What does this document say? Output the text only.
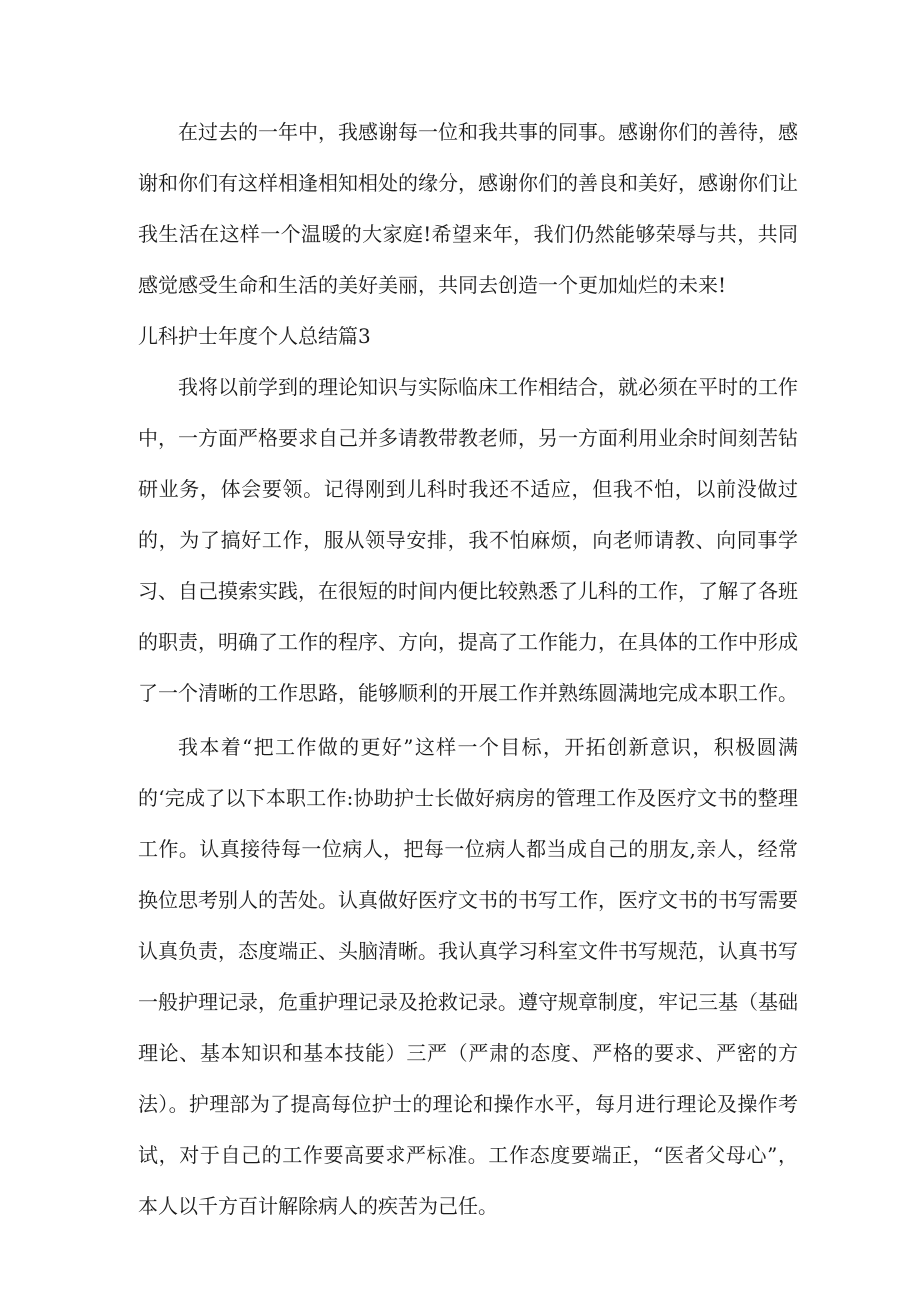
在过去的一年中，我感谢每一位和我共事的同事。感谢你们的善待，感谢和你们有这样相逢相知相处的缘分，感谢你们的善良和美好，感谢你们让我生活在这样一个温暖的大家庭!希望来年，我们仍然能够荣辱与共，共同感觉感受生命和生活的美好美丽，共同去创造一个更加灿烂的未来!

儿科护士年度个人总结篇3

我将以前学到的理论知识与实际临床工作相结合，就必须在平时的工作中，一方面严格要求自己并多请教带教老师，另一方面利用业余时间刻苦钻研业务，体会要领。记得刚到儿科时我还不适应，但我不怕，以前没做过的，为了搞好工作，服从领导安排，我不怕麻烦，向老师请教、向同事学习、自己摸索实践，在很短的时间内便比较熟悉了儿科的工作，了解了各班的职责，明确了工作的程序、方向，提高了工作能力，在具体的工作中形成了一个清晰的工作思路，能够顺利的开展工作并熟练圆满地完成本职工作。

我本着“把工作做的更好”这样一个目标，开拓创新意识，积极圆满的‘完成了以下本职工作:协助护士长做好病房的管理工作及医疗文书的整理工作。认真接待每一位病人，把每一位病人都当成自己的朋友,亲人，经常换位思考别人的苦处。认真做好医疗文书的书写工作，医疗文书的书写需要认真负责，态度端正、头脑清晰。我认真学习科室文件书写规范，认真书写一般护理记录，危重护理记录及抢救记录。遵守规章制度，牢记三基（基础理论、基本知识和基本技能）三严（严肃的态度、严格的要求、严密的方法）。护理部为了提高每位护士的理论和操作水平，每月进行理论及操作考试，对于自己的工作要高要求严标准。工作态度要端正，“医者父母心”，本人以千方百计解除病人的疾苦为己任。
